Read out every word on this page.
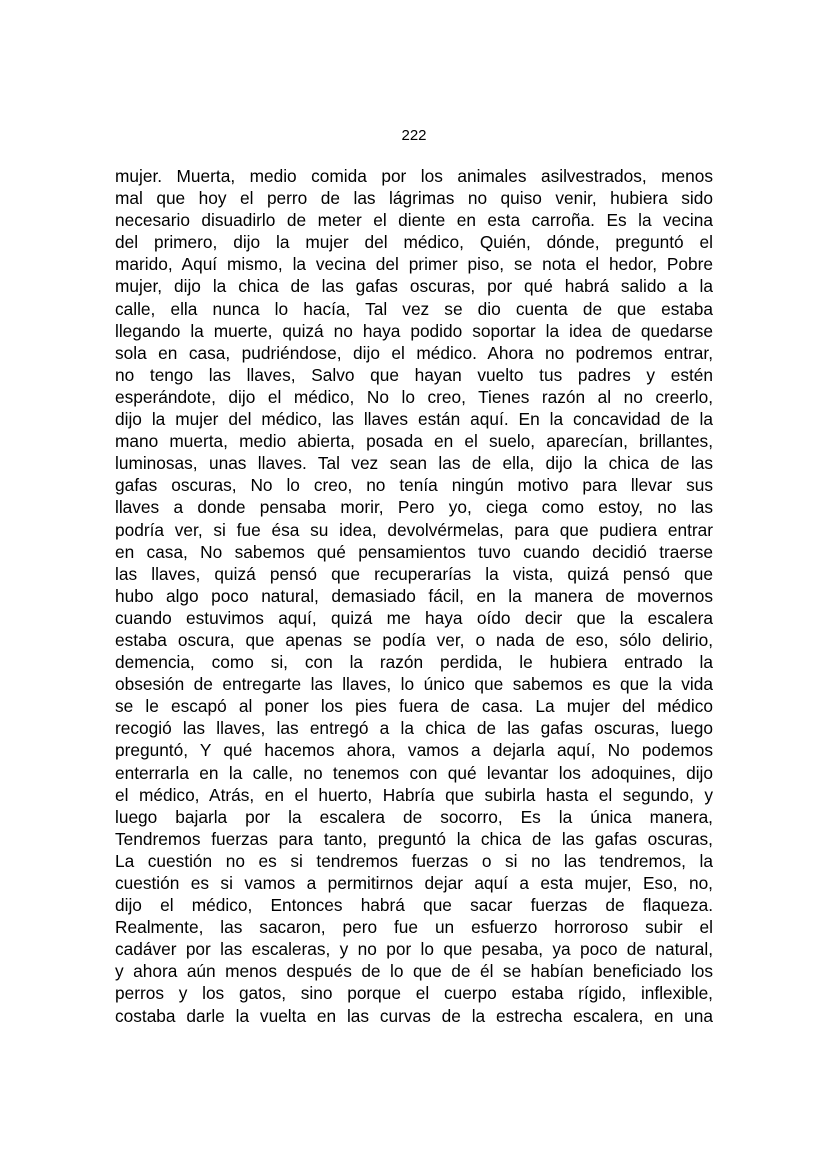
222
mujer. Muerta, medio comida por los animales asilvestrados, menos
mal que hoy el perro de las lágrimas no quiso venir, hubiera sido
necesario disuadirlo de meter el diente en esta carroña. Es la vecina
del primero, dijo la mujer del médico, Quién, dónde, preguntó el
marido, Aquí mismo, la vecina del primer piso, se nota el hedor, Pobre
mujer, dijo la chica de las gafas oscuras, por qué habrá salido a la
calle, ella nunca lo hacía, Tal vez se dio cuenta de que estaba
llegando la muerte, quizá no haya podido soportar la idea de quedarse
sola en casa, pudriéndose, dijo el médico. Ahora no podremos entrar,
no tengo las llaves, Salvo que hayan vuelto tus padres y estén
esperándote, dijo el médico, No lo creo, Tienes razón al no creerlo,
dijo la mujer del médico, las llaves están aquí. En la concavidad de la
mano muerta, medio abierta, posada en el suelo, aparecían, brillantes,
luminosas, unas llaves. Tal vez sean las de ella, dijo la chica de las
gafas oscuras, No lo creo, no tenía ningún motivo para llevar sus
llaves a donde pensaba morir, Pero yo, ciega como estoy, no las
podría ver, si fue ésa su idea, devolvérmelas, para que pudiera entrar
en casa, No sabemos qué pensamientos tuvo cuando decidió traerse
las llaves, quizá pensó que recuperarías la vista, quizá pensó que
hubo algo poco natural, demasiado fácil, en la manera de movernos
cuando estuvimos aquí, quizá me haya oído decir que la escalera
estaba oscura, que apenas se podía ver, o nada de eso, sólo delirio,
demencia, como si, con la razón perdida, le hubiera entrado la
obsesión de entregarte las llaves, lo único que sabemos es que la vida
se le escapó al poner los pies fuera de casa. La mujer del médico
recogió las llaves, las entregó a la chica de las gafas oscuras, luego
preguntó, Y qué hacemos ahora, vamos a dejarla aquí, No podemos
enterrarla en la calle, no tenemos con qué levantar los adoquines, dijo
el médico, Atrás, en el huerto, Habría que subirla hasta el segundo, y
luego bajarla por la escalera de socorro, Es la única manera,
Tendremos fuerzas para tanto, preguntó la chica de las gafas oscuras,
La cuestión no es si tendremos fuerzas o si no las tendremos, la
cuestión es si vamos a permitirnos dejar aquí a esta mujer, Eso, no,
dijo el médico, Entonces habrá que sacar fuerzas de flaqueza.
Realmente, las sacaron, pero fue un esfuerzo horroroso subir el
cadáver por las escaleras, y no por lo que pesaba, ya poco de natural,
y ahora aún menos después de lo que de él se habían beneficiado los
perros y los gatos, sino porque el cuerpo estaba rígido, inflexible,
costaba darle la vuelta en las curvas de la estrecha escalera, en una
